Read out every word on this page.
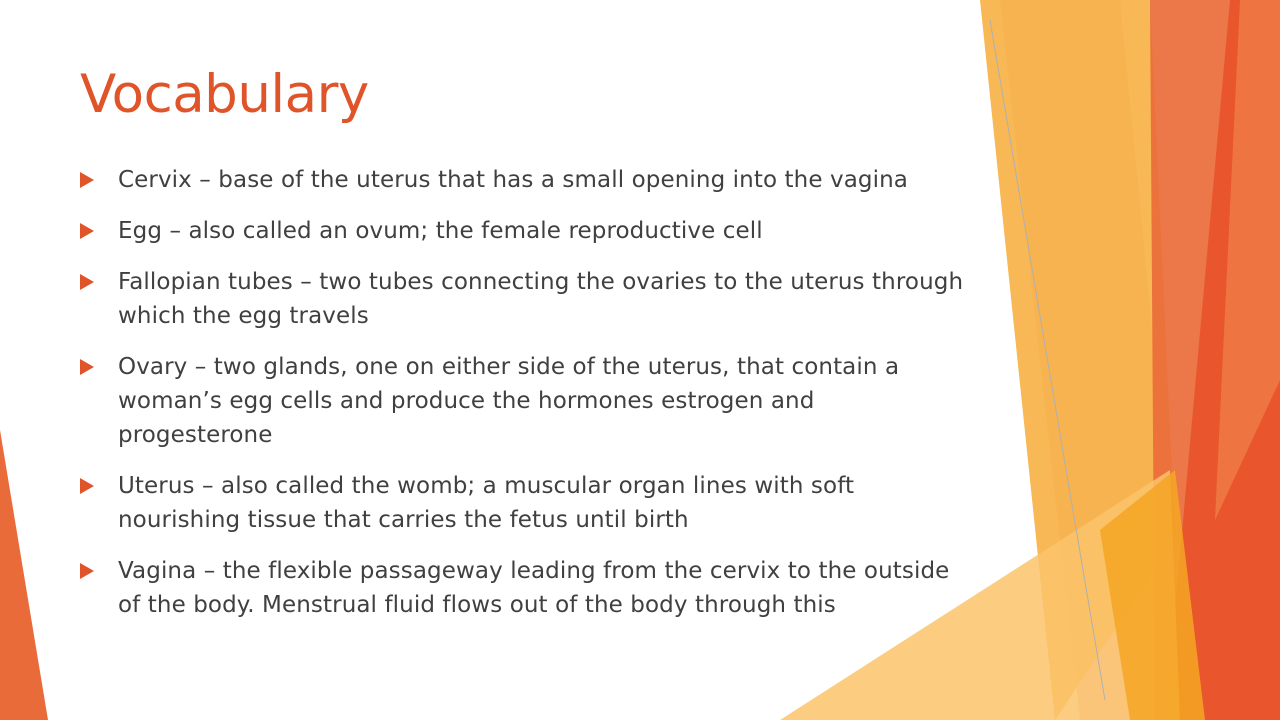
Vocabulary
Cervix – base of the uterus that has a small opening into the vagina
Egg – also called an ovum; the female reproductive cell
Fallopian tubes – two tubes connecting the ovaries to the uterus through which the egg travels
Ovary – two glands, one on either side of the uterus, that contain a woman’s egg cells and produce the hormones estrogen and progesterone
Uterus – also called the womb; a muscular organ lines with soft nourishing tissue that carries the fetus until birth
Vagina – the flexible passageway leading from the cervix to the outside of the body. Menstrual fluid flows out of the body through this
